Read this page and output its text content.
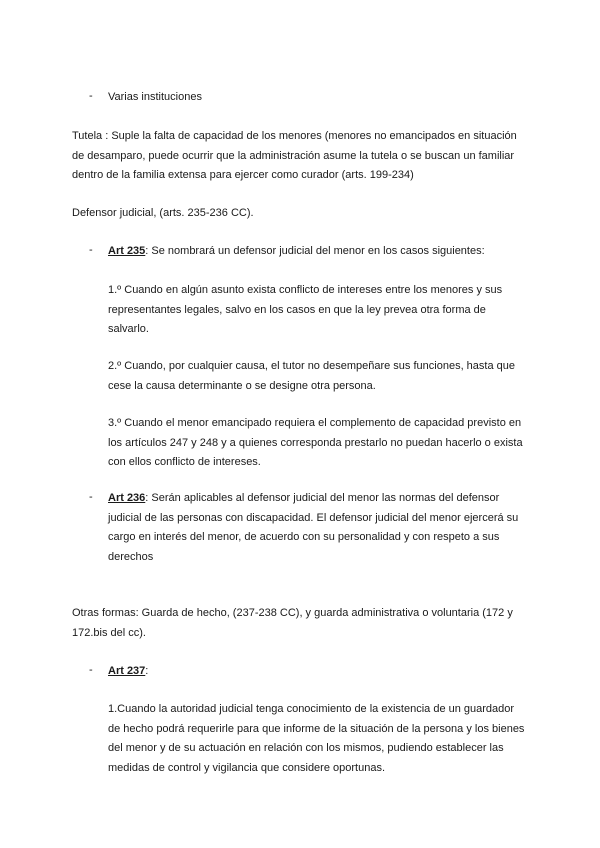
- Varias instituciones

Tutela : Suple la falta de capacidad de los menores (menores no emancipados en situación de desamparo, puede ocurrir que la administración asume la tutela o se buscan un familiar dentro de la familia extensa para ejercer como curador (arts. 199-234)

Defensor judicial, (arts. 235-236 CC).

- Art 235: Se nombrará un defensor judicial del menor en los casos siguientes:

1.º Cuando en algún asunto exista conflicto de intereses entre los menores y sus representantes legales, salvo en los casos en que la ley prevea otra forma de salvarlo.

2.º Cuando, por cualquier causa, el tutor no desempeñare sus funciones, hasta que cese la causa determinante o se designe otra persona.

3.º Cuando el menor emancipado requiera el complemento de capacidad previsto en los artículos 247 y 248 y a quienes corresponda prestarlo no puedan hacerlo o exista con ellos conflicto de intereses.

- Art 236: Serán aplicables al defensor judicial del menor las normas del defensor judicial de las personas con discapacidad. El defensor judicial del menor ejercerá su cargo en interés del menor, de acuerdo con su personalidad y con respeto a sus derechos

Otras formas: Guarda de hecho, (237-238 CC), y guarda administrativa o voluntaria (172 y 172.bis del cc).

- Art 237:

1.Cuando la autoridad judicial tenga conocimiento de la existencia de un guardador de hecho podrá requerirle para que informe de la situación de la persona y los bienes del menor y de su actuación en relación con los mismos, pudiendo establecer las medidas de control y vigilancia que considere oportunas.
